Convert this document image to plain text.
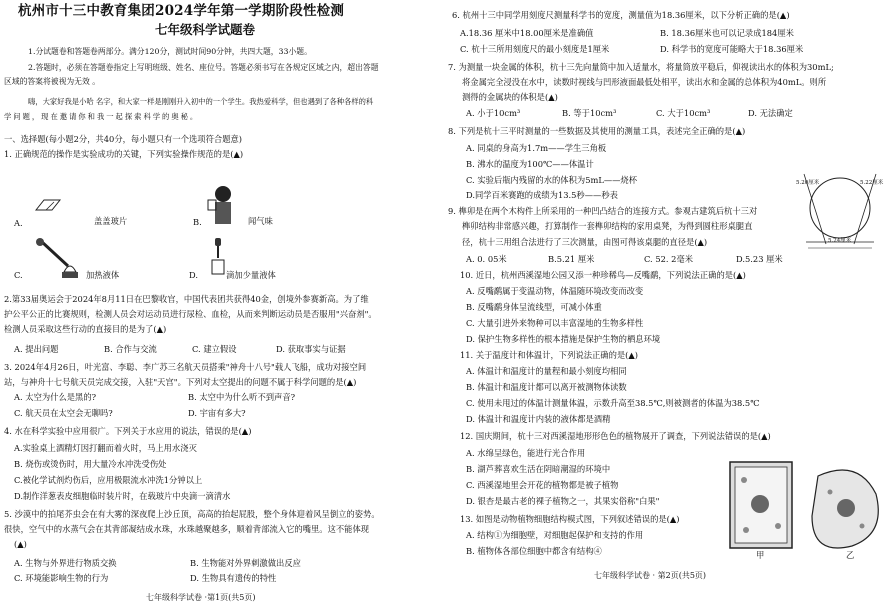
杭州市十三中教育集团2024学年第一学期阶段性检测
七年级科学试题卷
1.分试题卷和答题卷两部分。满分120分，测试时间90分钟，共四大题，33小题。
2.答题时，必须在答题卷指定上写明班级、姓名、座位号。答题必须书写在各规定区域之内，超出答题
区域的答案将被视为无效 。
嗨，大家好我是小哈 名字，和大家一样是刚刚升入初中的一个学生。我热爱科学，但也遇到了各种各样的科
学问题，现在邀请你和我一起探索科学的奥秘。
一、选择题(每小题2分，共40分，每小题只有一个选项符合题意)
1. 正确规范的操作是实验成功的关键，下列实验操作规范的是(▲)
A.	盖盖玻片	B.	闻气味
C.	加热液体	D.	滴加少量液体
2.第33届奥运会于2024年8月11日在巴黎收官，中国代表团共获得40金，创境外参赛新高。为了维
护公平公正的比赛规则，检测人员会对运动员进行尿检、血检，从而来判断运动员是否服用"兴奋剂"。
检测人员采取这些行动的直接目的是为了(▲)
A. 提出问题	B. 合作与交流	C. 建立假设	D. 获取事实与证据
3. 2024年4月26日，叶光富、李聪、李广苏三名航天员搭乘"神舟十八号"载人飞船，成功对接空间
站，与神舟十七号航天员完成交接，入驻"天宫"。下列对太空提出的问题不属于科学问题的是(▲)
A. 太空为什么是黑的?	B. 太空中为什么听不到声音?
C. 航天员在太空会无聊吗?	D. 宇宙有多大?
4. 水在科学实验中应用很广。下列关于水应用的说法，错误的是(▲)
A.实验桌上酒精灯因打翻而着火时，马上用水浇灭
B. 烧伤或烫伤时，用大量冷水冲洗受伤处
C.被化学试剂灼伤后，应用极限流水冲洗1分钟以上
D.制作洋葱表皮细胞临时装片时，在载玻片中央滴一滴清水
5. 沙漠中的拍尾芥虫会在有大雾的深夜爬上沙丘顶，高高的抬起屁股，整个身体迎着风呈倒立的姿势。
很快，空气中的水蒸气会在其背部凝结成水珠，水珠越聚越多，顺着背部流入它的嘴里。这不能体现
(▲)
A. 生物与外界进行物质交换	B. 生物能对外界刺激做出反应
C. 环境能影响生物的行为	D. 生物具有遗传的特性
七年级科学试卷 ·第1页(共5页)
6. 杭州十三中同学用刻度尺测量科学书的宽度，测量值为18.36厘米，以下分析正确的是(▲)
A.18.36 厘米中18.00厘米是准确值	B. 18.36厘米也可以记录成184厘米
C. 杭十三所用刻度尺的最小刻度是1厘米	D. 科学书的宽度可能略大于18.36厘米
7. 为测量一块金属的体积，杭十三先向量筒中加入适量水，将量筒放平稳后，仰视读出水的体积为30mL;
将金属完全浸没在水中，读数时视线与凹形液面最低处相平，读出水和金属的总体积为40mL。则所
测得的金属块的体积是(▲)
A. 小于10cm³	B. 等于10cm³	C. 大于10cm³	D. 无法确定
8. 下列是杭十三平时测量的一些数据及其使用的测量工具，表述完全正确的是(▲)
A. 同桌的身高为1.7m——学生三角板
B. 沸水的温度为100℃——体温计
C. 实验后瓶内残留的水的体积为5mL——烧杯
D.同学百米赛跑的成绩为13.5秒——秒表
5.20厘米	5.22厘米
5.24厘米
9. 榫卯是在两个木构件上所采用的一种凹凸结合的连接方式。参观古建筑后杭十三对
榫卯结构非常感兴趣，打算制作一套榫卯结构的家用桌凳，为得到圆柱形桌腿直
径，杭十三用组合法进行了三次测量，由图可得该桌腿的直径是(▲)
A. 0. 05米	B.5.21 厘米	C. 52. 2毫米	D.5.23 厘米
10. 近日，杭州西溪湿地公园又添一种珍稀鸟—反嘴鹬，下列说法正确的是(▲)
A. 反嘴鹬属于变温动物，体温随环境改变而改变
B. 反嘴鹬身体呈流线型，可减小体重
C. 大量引进外来物种可以丰富湿地的生物多样性
D. 保护生物多样性的根本措施是保护生物的栖息环境
11. 关于温度计和体温计，下列说法正确的是(▲)
A. 体温计和温度计的量程和最小刻度均相同
B. 体温计和温度计都可以离开被测物体读数
C. 使用未甩过的体温计测量体温，示数升高至38.5℃,则被测者的体温为38.5℃
D. 体温计和温度计内装的液体都是酒精
12. 国庆期间，杭十三对西溪湿地形形色色的植物展开了调查，下列说法错误的是(▲)
A. 水绵呈绿色，能进行光合作用
B. 湖芦葬喜欢生活在阴暗潮湿的环境中
C. 西溪湿地里会开花的植物都是被子植物
D. 银杏是最古老的裸子植物之一，其果实俗称"白果"
甲	乙
13. 如图是动物植物细胞结构模式图，下列叙述错误的是(▲)
A. 结构①为细胞壁，对细胞起保护和支持的作用
B. 植物体各部位细胞中都含有结构④
七年级科学试卷 · 第2页(共5页)
